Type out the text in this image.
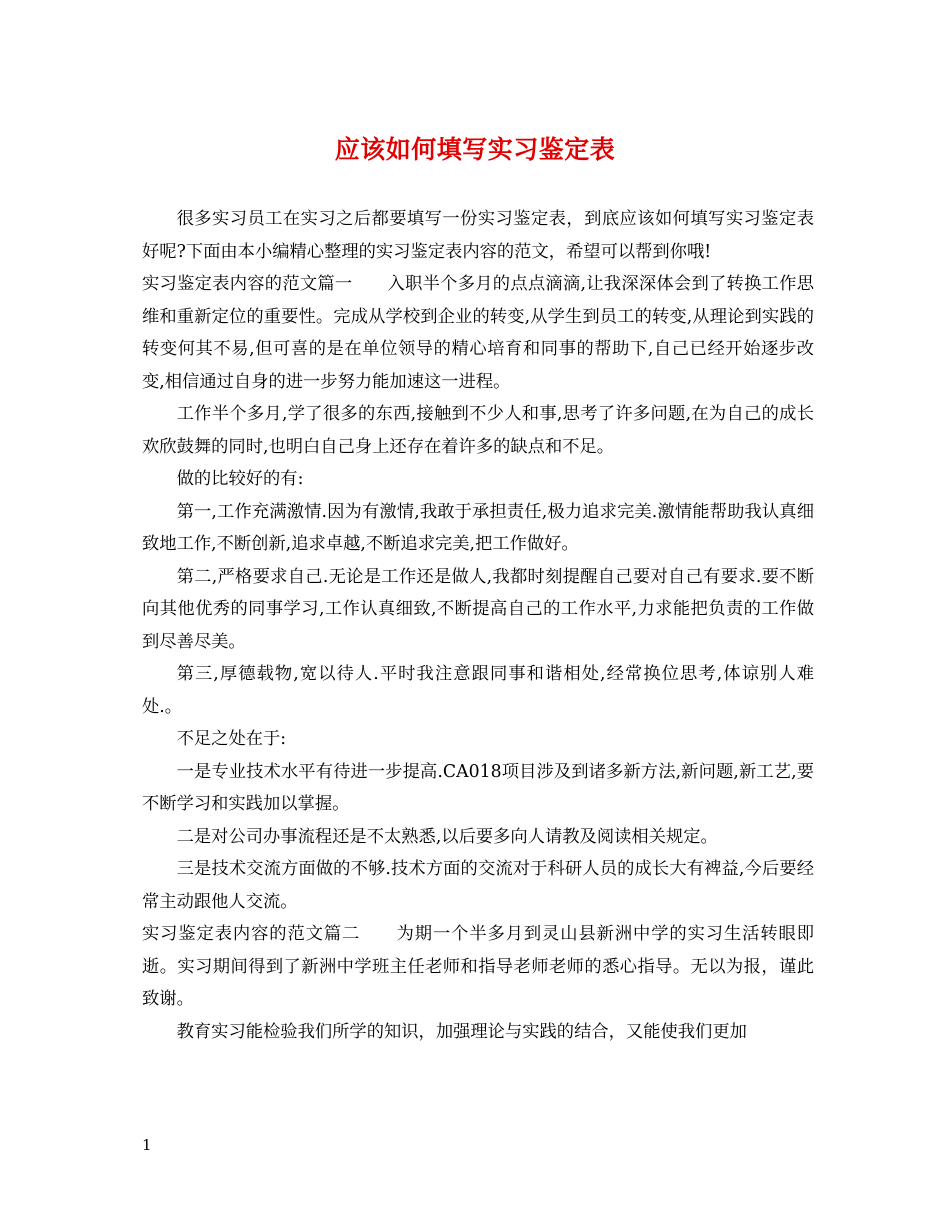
应该如何填写实习鉴定表

很多实习员工在实习之后都要填写一份实习鉴定表，到底应该如何填写实习鉴定表好呢?下面由本小编精心整理的实习鉴定表内容的范文，希望可以帮到你哦!

实习鉴定表内容的范文篇一　　入职半个多月的点点滴滴,让我深深体会到了转换工作思维和重新定位的重要性。完成从学校到企业的转变,从学生到员工的转变,从理论到实践的转变何其不易,但可喜的是在单位领导的精心培育和同事的帮助下,自己已经开始逐步改变,相信通过自身的进一步努力能加速这一进程。

工作半个多月,学了很多的东西,接触到不少人和事,思考了许多问题,在为自己的成长欢欣鼓舞的同时,也明白自己身上还存在着许多的缺点和不足。

做的比较好的有:

第一,工作充满激情.因为有激情,我敢于承担责任,极力追求完美.激情能帮助我认真细致地工作,不断创新,追求卓越,不断追求完美,把工作做好。

第二,严格要求自己.无论是工作还是做人,我都时刻提醒自己要对自己有要求.要不断向其他优秀的同事学习,工作认真细致,不断提高自己的工作水平,力求能把负责的工作做到尽善尽美。

第三,厚德载物,宽以待人.平时我注意跟同事和谐相处,经常换位思考,体谅别人难处.。

不足之处在于:

一是专业技术水平有待进一步提高.CA018项目涉及到诸多新方法,新问题,新工艺,要不断学习和实践加以掌握。

二是对公司办事流程还是不太熟悉,以后要多向人请教及阅读相关规定。

三是技术交流方面做的不够.技术方面的交流对于科研人员的成长大有裨益,今后要经常主动跟他人交流。

实习鉴定表内容的范文篇二　　为期一个半多月到灵山县新洲中学的实习生活转眼即逝。实习期间得到了新洲中学班主任老师和指导老师老师的悉心指导。无以为报，谨此致谢。

教育实习能检验我们所学的知识，加强理论与实践的结合，又能使我们更加

1
